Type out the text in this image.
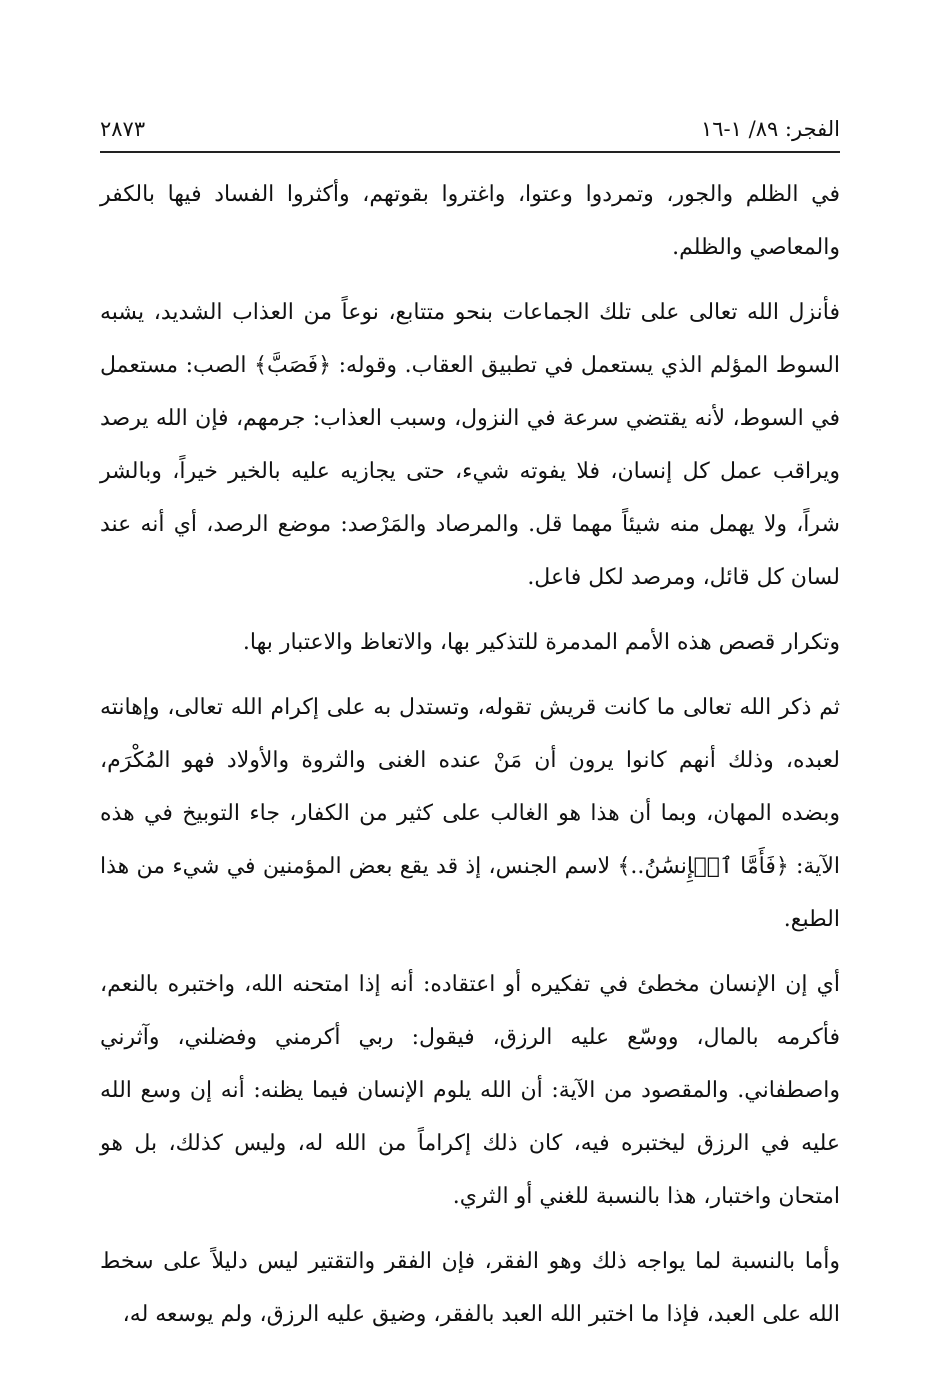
الفجر: ٨٩/ ١-١٦
٢٨٧٣

في الظلم والجور، وتمردوا وعتوا، واغتروا بقوتهم، وأكثروا الفساد فيها بالكفر والمعاصي والظلم.

فأنزل الله تعالى على تلك الجماعات بنحو متتابع، نوعاً من العذاب الشديد، يشبه السوط المؤلم الذي يستعمل في تطبيق العقاب. وقوله: ﴿فَصَبَّ﴾ الصب: مستعمل في السوط، لأنه يقتضي سرعة في النزول، وسبب العذاب: جرمهم، فإن الله يرصد ويراقب عمل كل إنسان، فلا يفوته شيء، حتى يجازيه عليه بالخير خيراً، وبالشر شراً، ولا يهمل منه شيئاً مهما قل. والمرصاد والمَرْصد: موضع الرصد، أي أنه عند لسان كل قائل، ومرصد لكل فاعل.

وتكرار قصص هذه الأمم المدمرة للتذكير بها، والاتعاظ والاعتبار بها.

ثم ذكر الله تعالى ما كانت قريش تقوله، وتستدل به على إكرام الله تعالى، وإهانته لعبده، وذلك أنهم كانوا يرون أن مَنْ عنده الغنى والثروة والأولاد فهو المُكْرَم، وبضده المهان، وبما أن هذا هو الغالب على كثير من الكفار، جاء التوبيخ في هذه الآية: ﴿فَأَمَّا ٱلۡإِنسَٰنُ..﴾ لاسم الجنس، إذ قد يقع بعض المؤمنين في شيء من هذا الطبع.

أي إن الإنسان مخطئ في تفكيره أو اعتقاده: أنه إذا امتحنه الله، واختبره بالنعم، فأكرمه بالمال، ووسّع عليه الرزق، فيقول: ربي أكرمني وفضلني، وآثرني واصطفاني. والمقصود من الآية: أن الله يلوم الإنسان فيما يظنه: أنه إن وسع الله عليه في الرزق ليختبره فيه، كان ذلك إكراماً من الله له، وليس كذلك، بل هو امتحان واختبار، هذا بالنسبة للغني أو الثري.

وأما بالنسبة لما يواجه ذلك وهو الفقر، فإن الفقر والتقتير ليس دليلاً على سخط الله على العبد، فإذا ما اختبر الله العبد بالفقر، وضيق عليه الرزق، ولم يوسعه له،
